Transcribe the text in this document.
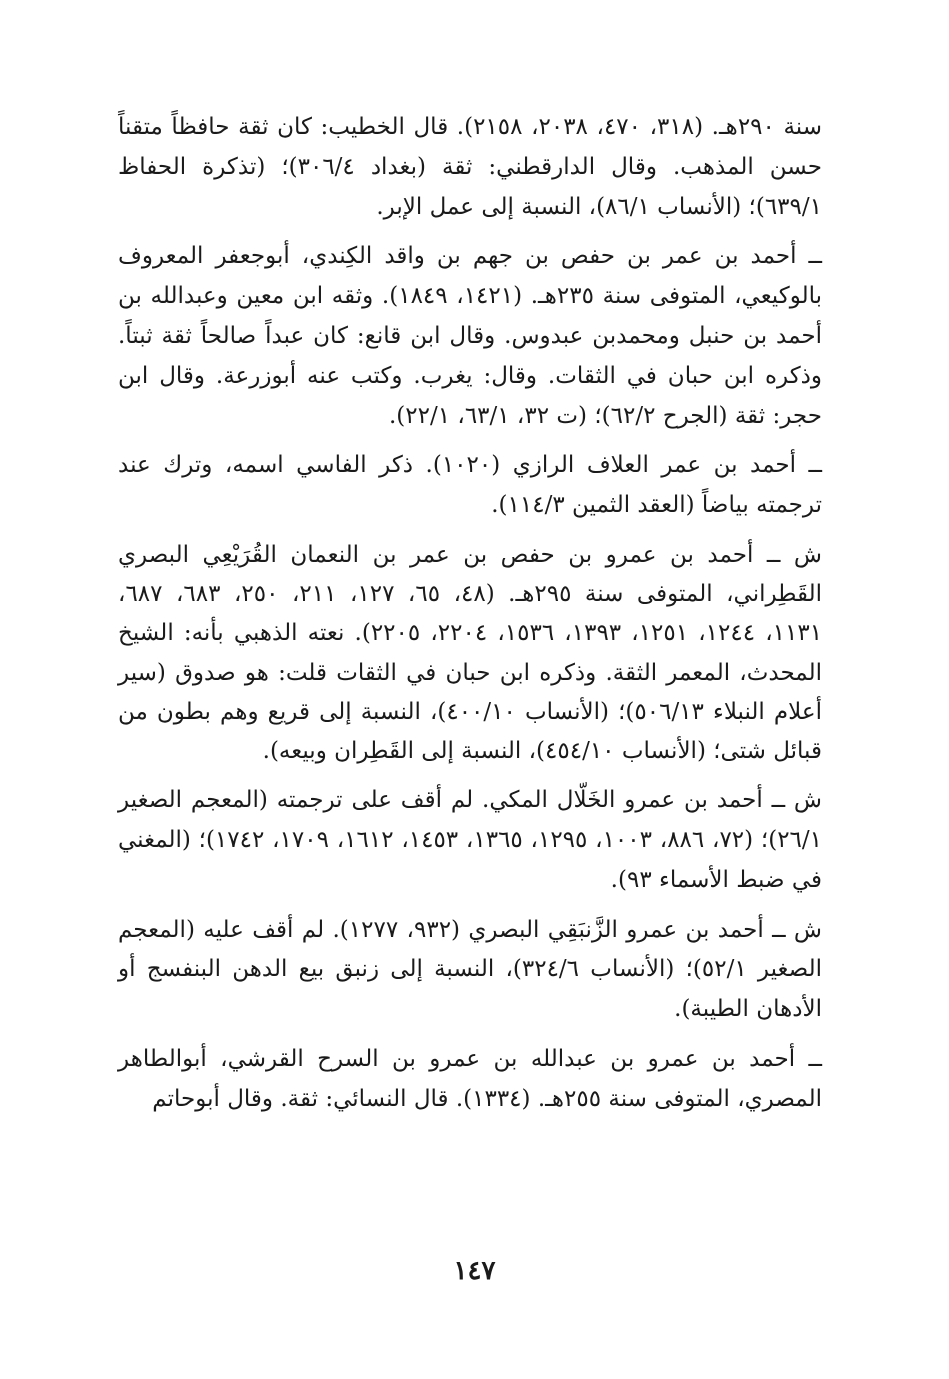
سنة ٢٩٠هـ. (٣١٨، ٤٧٠، ٢٠٣٨، ٢١٥٨). قال الخطيب: كان ثقة حافظاً متقناً حسن المذهب. وقال الدارقطني: ثقة (بغداد ٣٠٦/٤)؛ (تذكرة الحفاظ ٦٣٩/١)؛ (الأنساب ٨٦/١)، النسبة إلى عمل الإبر.

ــ أحمد بن عمر بن حفص بن جهم بن واقد الكِندي، أبوجعفر المعروف بالوكيعي، المتوفى سنة ٢٣٥هـ. (١٤٢١، ١٨٤٩). وثقه ابن معين وعبدالله بن أحمد بن حنبل ومحمدبن عبدوس. وقال ابن قانع: كان عبداً صالحاً ثقة ثبتاً. وذكره ابن حبان في الثقات. وقال: يغرب. وكتب عنه أبوزرعة. وقال ابن حجر: ثقة (الجرح ٦٢/٢)؛ (ت ٣٢، ٦٣/١، ٢٢/١).

ــ أحمد بن عمر العلاف الرازي (١٠٢٠). ذكر الفاسي اسمه، وترك عند ترجمته بياضاً (العقد الثمين ١١٤/٣).

ش ــ أحمد بن عمرو بن حفص بن عمر بن النعمان القُرَيْعِي البصري القَطِراني، المتوفى سنة ٢٩٥هـ. (٤٨، ٦٥، ١٢٧، ٢١١، ٢٥٠، ٦٨٣، ٦٨٧، ١١٣١، ١٢٤٤، ١٢٥١، ١٣٩٣، ١٥٣٦، ٢٢٠٤، ٢٢٠٥). نعته الذهبي بأنه: الشيخ المحدث، المعمر الثقة. وذكره ابن حبان في الثقات قلت: هو صدوق (سير أعلام النبلاء ٥٠٦/١٣)؛ (الأنساب ٤٠٠/١٠)، النسبة إلى قريع وهم بطون من قبائل شتى؛ (الأنساب ٤٥٤/١٠)، النسبة إلى القَطِران وبيعه).

ش ــ أحمد بن عمرو الخَلّال المكي. لم أقف على ترجمته (المعجم الصغير ٢٦/١)؛ (٧٢، ٨٨٦، ١٠٠٣، ١٢٩٥، ١٣٦٥، ١٤٥٣، ١٦١٢، ١٧٠٩، ١٧٤٢)؛ (المغني في ضبط الأسماء ٩٣).

ش ــ أحمد بن عمرو الزَّنبَقِي البصري (٩٣٢، ١٢٧٧). لم أقف عليه (المعجم الصغير ٥٢/١)؛ (الأنساب ٣٢٤/٦)، النسبة إلى زنبق بيع الدهن البنفسج أو الأدهان الطيبة).

ــ أحمد بن عمرو بن عبدالله بن عمرو بن السرح القرشي، أبوالطاهر المصري، المتوفى سنة ٢٥٥هـ. (١٣٣٤). قال النسائي: ثقة. وقال أبوحاتم

١٤٧
